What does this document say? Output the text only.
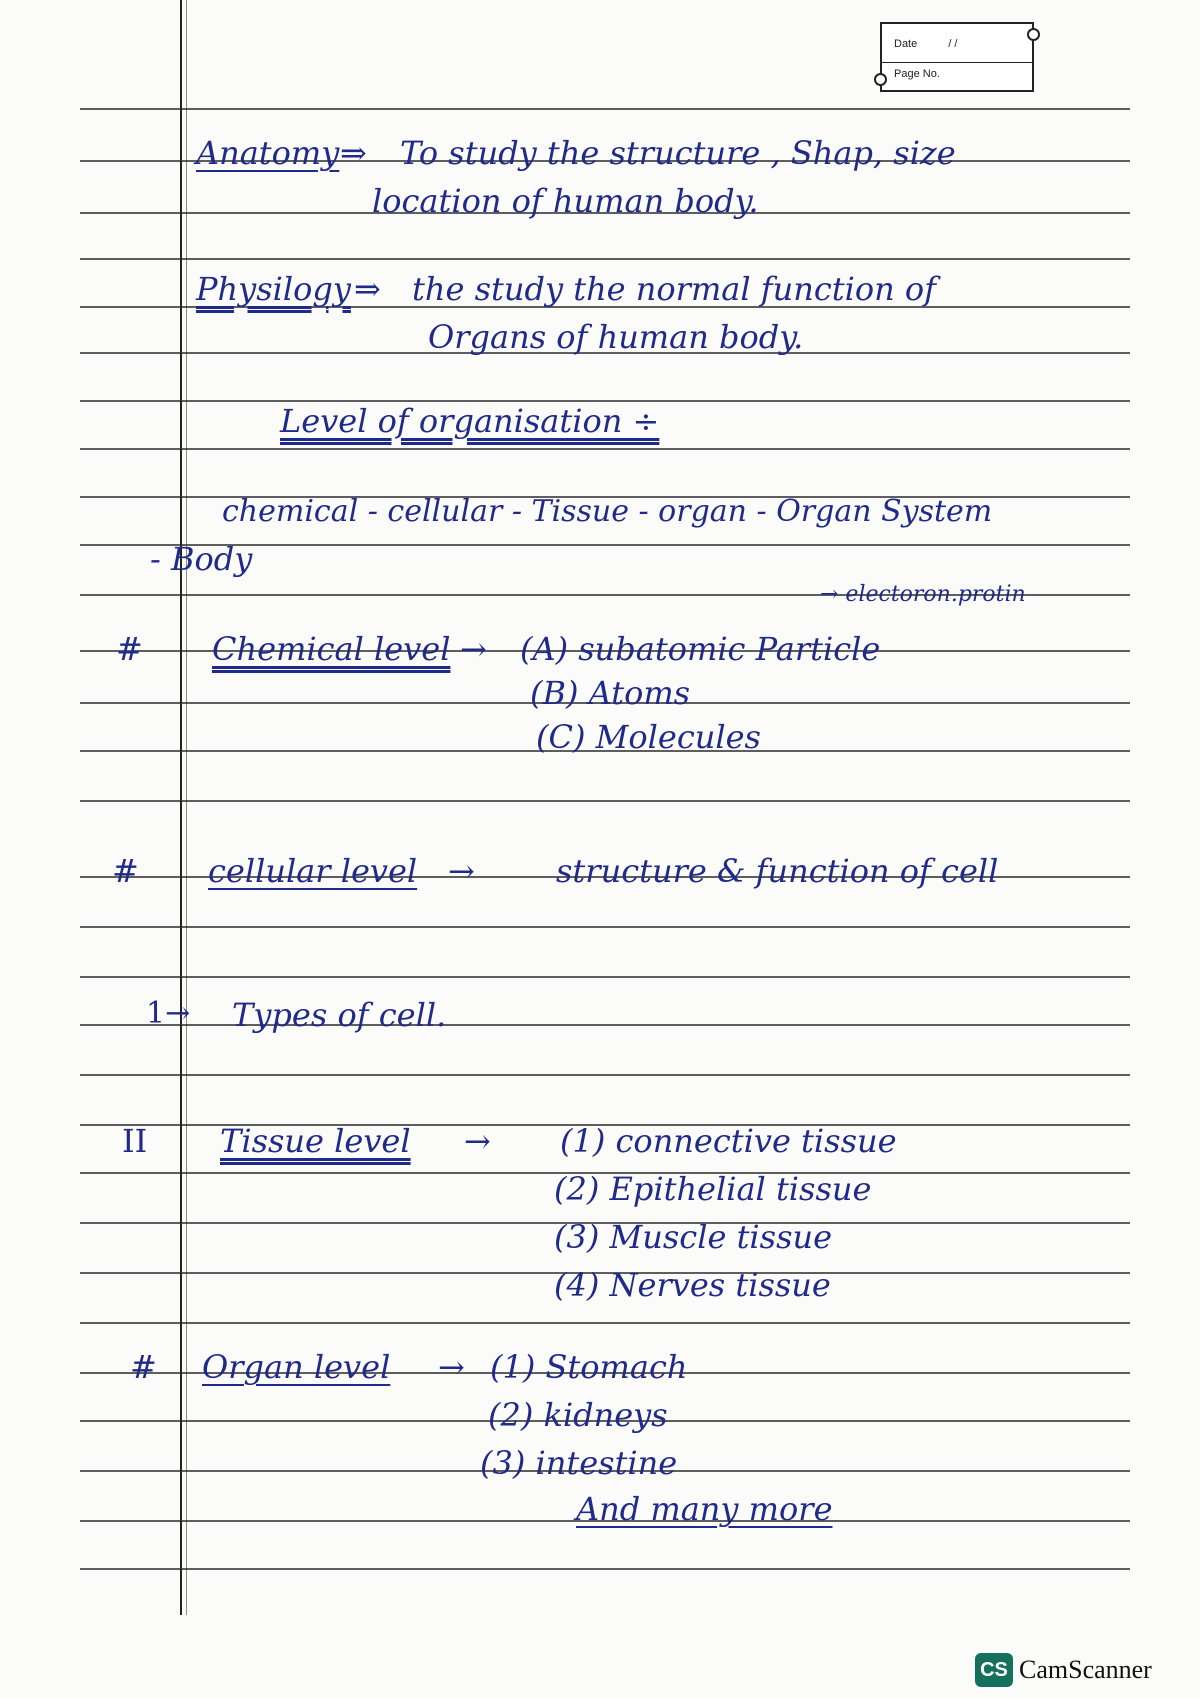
Date	/ /
Page No.
Anatomy ⇒ To study the structure , Shap, size
location of human body.
Physilogy ⇒ the study the normal function of
Organs of human body.
Level of organisation ÷
chemical - cellular - Tissue - organ - Organ System
- Body
→ electoron.protin
# Chemical level → (A) subatomic Particle
(B) Atoms
(C) Molecules
# cellular level →	structure & function of cell
1→ Types of cell.
II Tissue level → (1) connective tissue
(2) Epithelial tissue
(3) Muscle tissue
(4) Nerves tissue
# Organ level → (1) Stomach
(2) kidneys
(3) intestine
And many more
CS CamScanner
